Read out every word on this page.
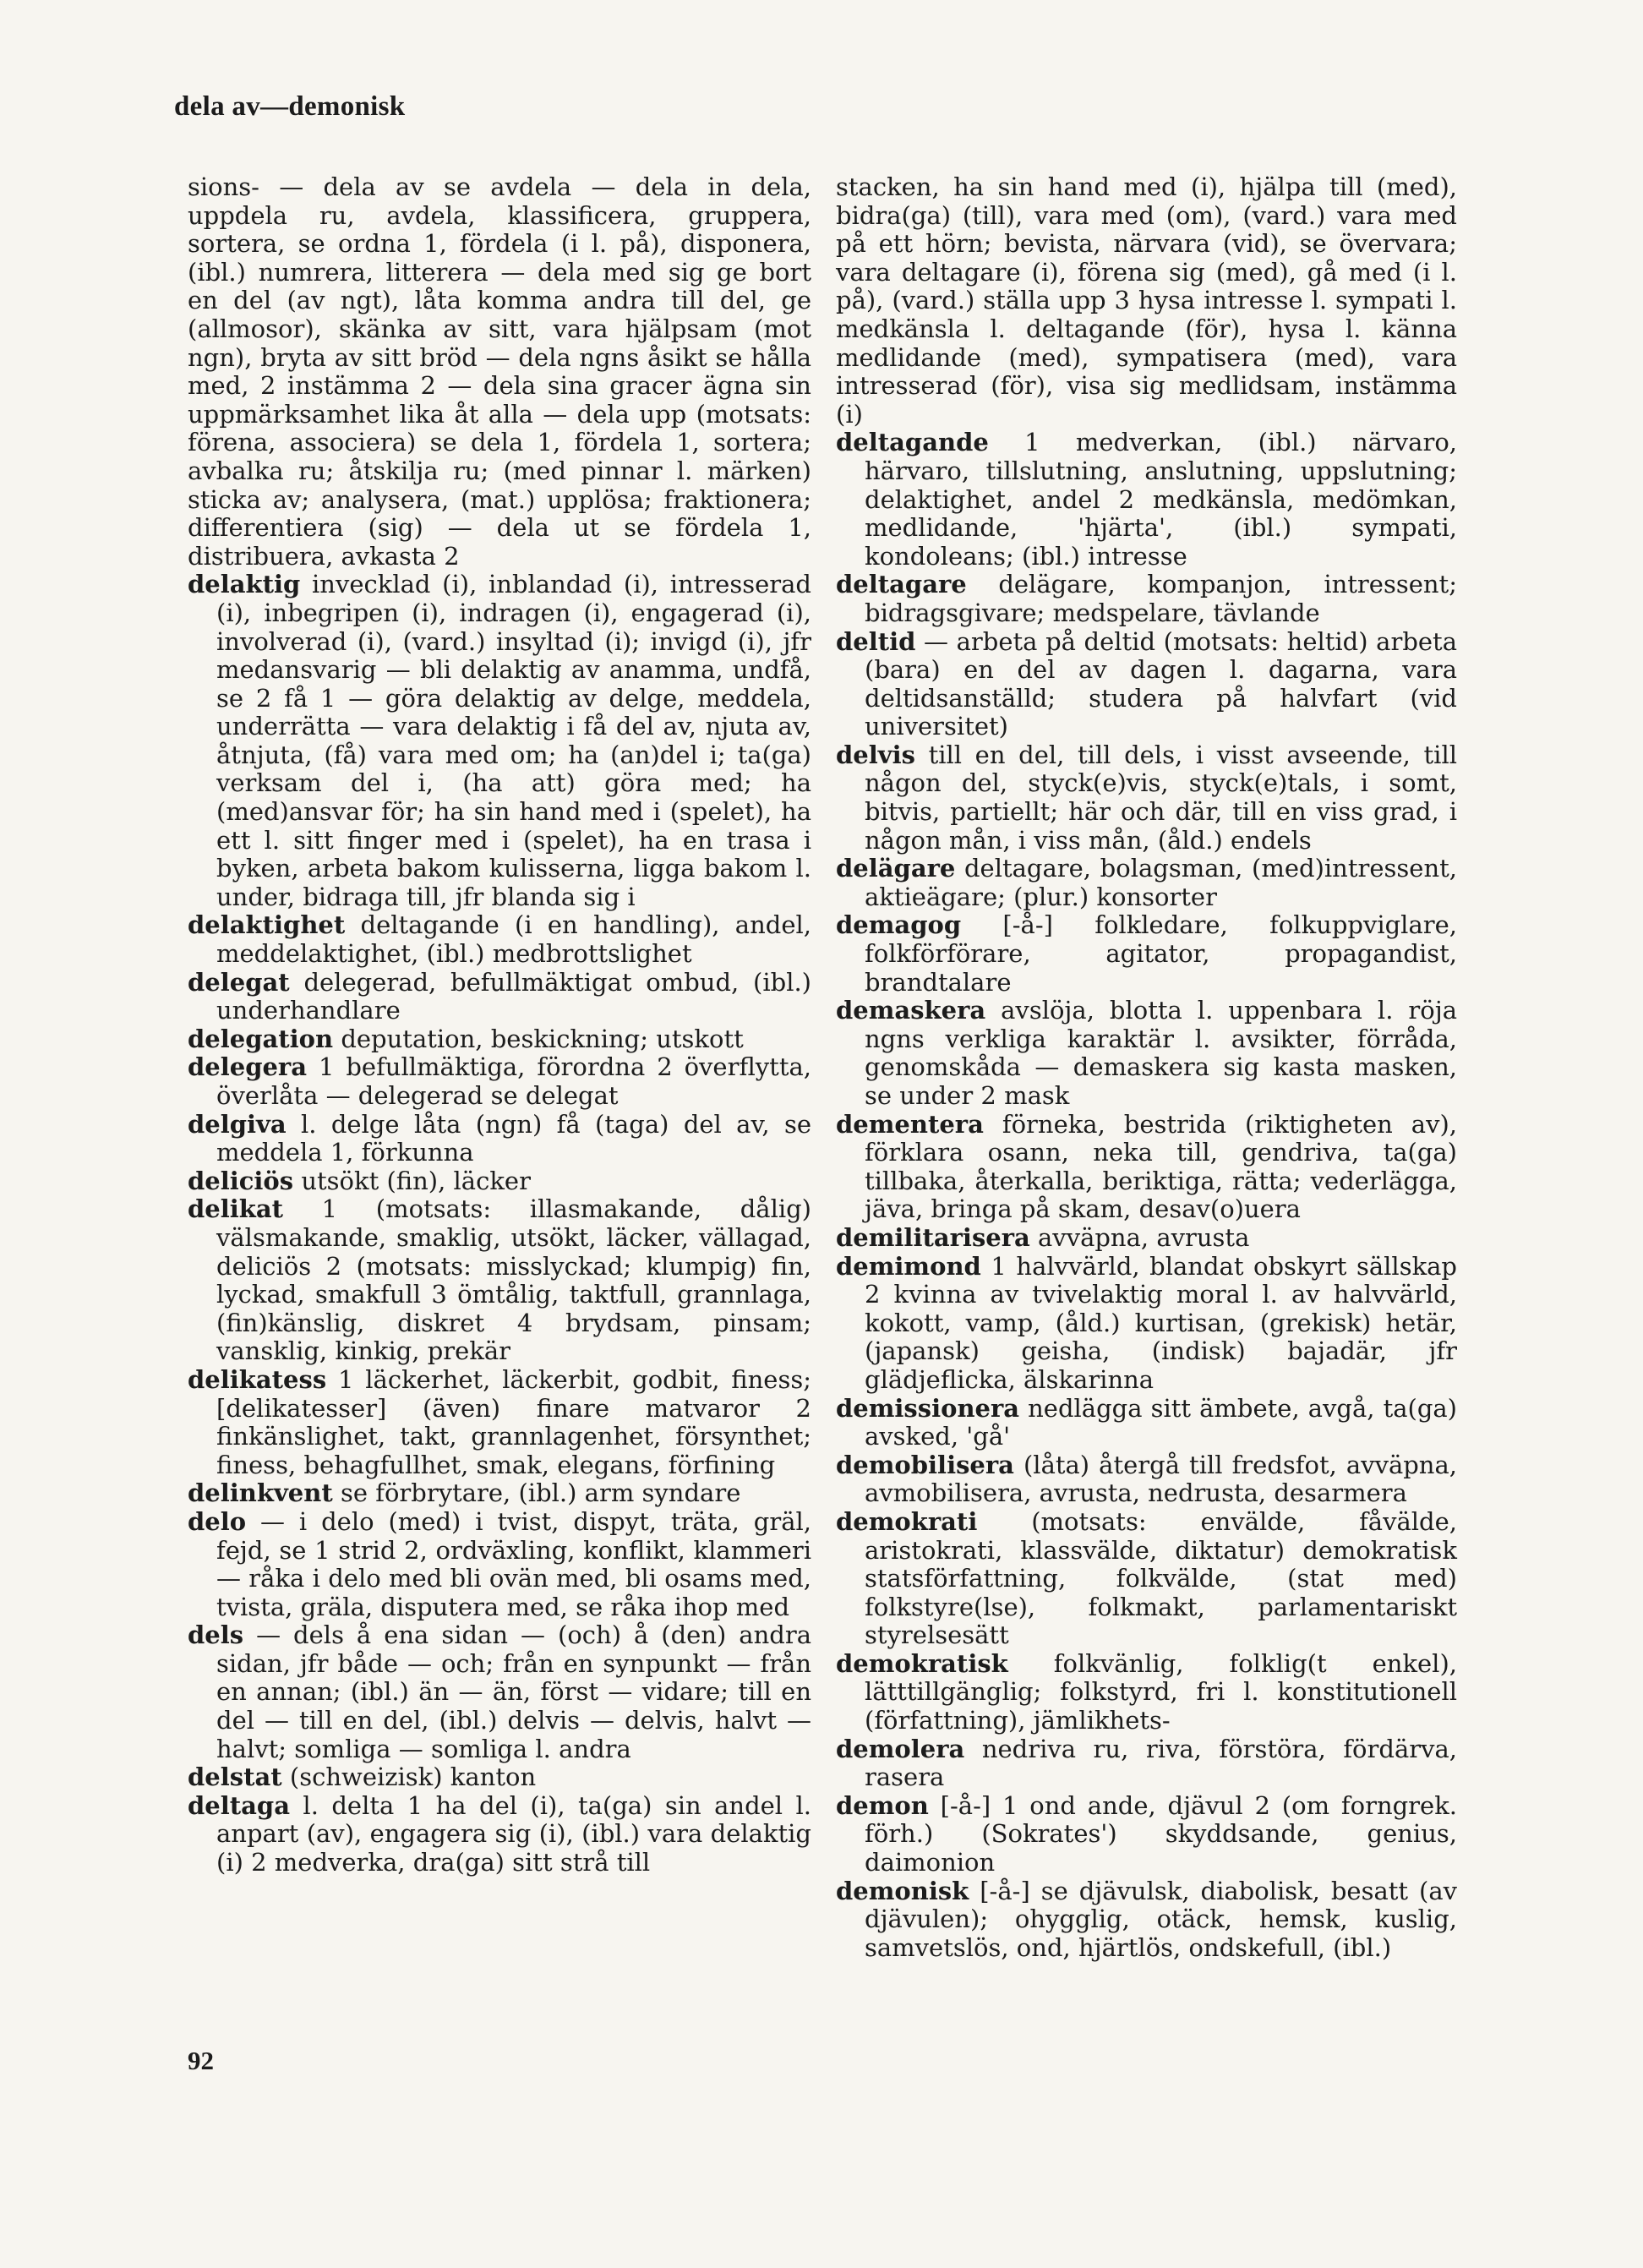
dela av—demonisk

sions- — dela av se avdela — dela in dela, uppdela ru, avdela, klassificera, gruppera, sortera, se ordna 1, fördela (i l. på), disponera, (ibl.) numrera, litterera — dela med sig ge bort en del (av ngt), låta komma andra till del, ge (allmosor), skänka av sitt, vara hjälpsam (mot ngn), bryta av sitt bröd — dela ngns åsikt se hålla med, 2 instämma 2 — dela sina gracer ägna sin uppmärksamhet lika åt alla — dela upp (motsats: förena, associera) se dela 1, fördela 1, sortera; avbalka ru; åtskilja ru; (med pinnar l. märken) sticka av; analysera, (mat.) upplösa; fraktionera; differentiera (sig) — dela ut se fördela 1, distribuera, avkasta 2

delaktig invecklad (i), inblandad (i), intresserad (i), inbegripen (i), indragen (i), engagerad (i), involverad (i), (vard.) insyltad (i); invigd (i), jfr medansvarig — bli delaktig av anamma, undfå, se 2 få 1 — göra delaktig av delge, meddela, underrätta — vara delaktig i få del av, njuta av, åtnjuta, (få) vara med om; ha (an)del i; ta(ga) verksam del i, (ha att) göra med; ha (med)ansvar för; ha sin hand med i (spelet), ha ett l. sitt finger med i (spelet), ha en trasa i byken, arbeta bakom kulisserna, ligga bakom l. under, bidraga till, jfr blanda sig i

delaktighet deltagande (i en handling), andel, meddelaktighet, (ibl.) medbrottslighet

delegat delegerad, befullmäktigat ombud, (ibl.) underhandlare

delegation deputation, beskickning; utskott

delegera 1 befullmäktiga, förordna 2 överflytta, överlåta — delegerad se delegat

delgiva l. delge låta (ngn) få (taga) del av, se meddela 1, förkunna

deliciös utsökt (fin), läcker

delikat 1 (motsats: illasmakande, dålig) välsmakande, smaklig, utsökt, läcker, vällagad, deliciös 2 (motsats: misslyckad; klumpig) fin, lyckad, smakfull 3 ömtålig, taktfull, grannlaga, (fin)känslig, diskret 4 brydsam, pinsam; vansklig, kinkig, prekär

delikatess 1 läckerhet, läckerbit, godbit, finess; [delikatesser] (även) finare matvaror 2 finkänslighet, takt, grannlagenhet, försynthet; finess, behagfullhet, smak, elegans, förfining

delinkvent se förbrytare, (ibl.) arm syndare

delo — i delo (med) i tvist, dispyt, träta, gräl, fejd, se 1 strid 2, ordväxling, konflikt, klammeri — råka i delo med bli ovän med, bli osams med, tvista, gräla, disputera med, se råka ihop med

dels — dels å ena sidan — (och) å (den) andra sidan, jfr både — och; från en synpunkt — från en annan; (ibl.) än — än, först — vidare; till en del — till en del, (ibl.) delvis — delvis, halvt — halvt; somliga — somliga l. andra

delstat (schweizisk) kanton

deltaga l. delta 1 ha del (i), ta(ga) sin andel l. anpart (av), engagera sig (i), (ibl.) vara delaktig (i) 2 medverka, dra(ga) sitt strå till

stacken, ha sin hand med (i), hjälpa till (med), bidra(ga) (till), vara med (om), (vard.) vara med på ett hörn; bevista, närvara (vid), se övervara; vara deltagare (i), förena sig (med), gå med (i l. på), (vard.) ställa upp 3 hysa intresse l. sympati l. medkänsla l. deltagande (för), hysa l. känna medlidande (med), sympatisera (med), vara intresserad (för), visa sig medlidsam, instämma (i)

deltagande 1 medverkan, (ibl.) närvaro, härvaro, tillslutning, anslutning, uppslutning; delaktighet, andel 2 medkänsla, medömkan, medlidande, 'hjärta', (ibl.) sympati, kondoleans; (ibl.) intresse

deltagare delägare, kompanjon, intressent; bidragsgivare; medspelare, tävlande

deltid — arbeta på deltid (motsats: heltid) arbeta (bara) en del av dagen l. dagarna, vara deltidsanställd; studera på halvfart (vid universitet)

delvis till en del, till dels, i visst avseende, till någon del, styck(e)vis, styck(e)tals, i somt, bitvis, partiellt; här och där, till en viss grad, i någon mån, i viss mån, (åld.) endels

delägare deltagare, bolagsman, (med)intressent, aktieägare; (plur.) konsorter

demagog [-å-] folkledare, folkuppviglare, folkförförare, agitator, propagandist, brandtalare

demaskera avslöja, blotta l. uppenbara l. röja ngns verkliga karaktär l. avsikter, förråda, genomskåda — demaskera sig kasta masken, se under 2 mask

dementera förneka, bestrida (riktigheten av), förklara osann, neka till, gendriva, ta(ga) tillbaka, återkalla, beriktiga, rätta; vederlägga, jäva, bringa på skam, desav(o)uera

demilitarisera avväpna, avrusta

demimond 1 halvvärld, blandat obskyrt sällskap 2 kvinna av tvivelaktig moral l. av halvvärld, kokott, vamp, (åld.) kurtisan, (grekisk) hetär, (japansk) geisha, (indisk) bajadär, jfr glädjeflicka, älskarinna

demissionera nedlägga sitt ämbete, avgå, ta(ga) avsked, 'gå'

demobilisera (låta) återgå till fredsfot, avväpna, avmobilisera, avrusta, nedrusta, desarmera

demokrati (motsats: envälde, fåvälde, aristokrati, klassvälde, diktatur) demokratisk statsförfattning, folkvälde, (stat med) folkstyre(lse), folkmakt, parlamentariskt styrelsesätt

demokratisk folkvänlig, folklig(t enkel), lätttillgänglig; folkstyrd, fri l. konstitutionell (författning), jämlikhets-

demolera nedriva ru, riva, förstöra, fördärva, rasera

demon [-å-] 1 ond ande, djävul 2 (om forngrek. förh.) (Sokrates') skyddsande, genius, daimonion

demonisk [-å-] se djävulsk, diabolisk, besatt (av djävulen); ohygglig, otäck, hemsk, kuslig, samvetslös, ond, hjärtlös, ondskefull, (ibl.)

92
